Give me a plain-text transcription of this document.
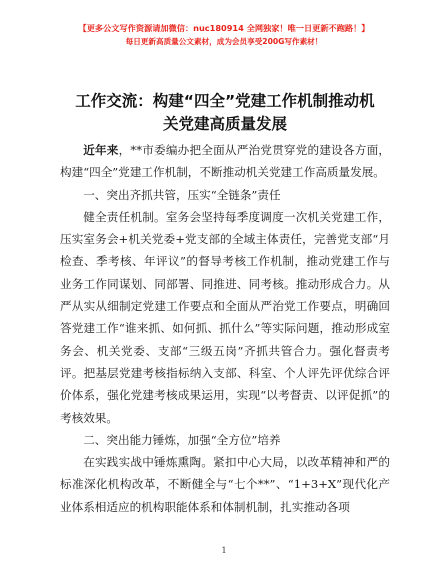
【更多公文写作资源请加微信：nuc180914 全网独家！唯一日更新不跑路！】
每日更新高质量公文素材，成为会员享受200G写作素材！
工作交流：构建“四全”党建工作机制推动机
关党建高质量发展

近年来，**市委编办把全面从严治党贯穿党的建设各方面，构建“四全”党建工作机制，不断推动机关党建工作高质量发展。

一、突出齐抓共管，压实“全链条”责任

健全责任机制。室务会坚持每季度调度一次机关党建工作，压实室务会+机关党委+党支部的全域主体责任，完善党支部“月检查、季考核、年评议”的督导考核工作机制，推动党建工作与业务工作同谋划、同部署、同推进、同考核。推动形成合力。从严从实从细制定党建工作要点和全面从严治党工作要点，明确回答党建工作“谁来抓、如何抓、抓什么”等实际问题，推动形成室务会、机关党委、支部“三级五岗”齐抓共管合力。强化督责考评。把基层党建考核指标纳入支部、科室、个人评先评优综合评价体系，强化党建考核成果运用，实现“以考督责、以评促抓”的考核效果。

二、突出能力锤炼，加强“全方位”培养

在实践实战中锤炼熏陶。紧扣中心大局，以改革精神和严的标准深化机构改革，不断健全与“七个**”、“1+3+X”现代化产业体系相适应的机构职能体系和体制机制，扎实推动各项

1
